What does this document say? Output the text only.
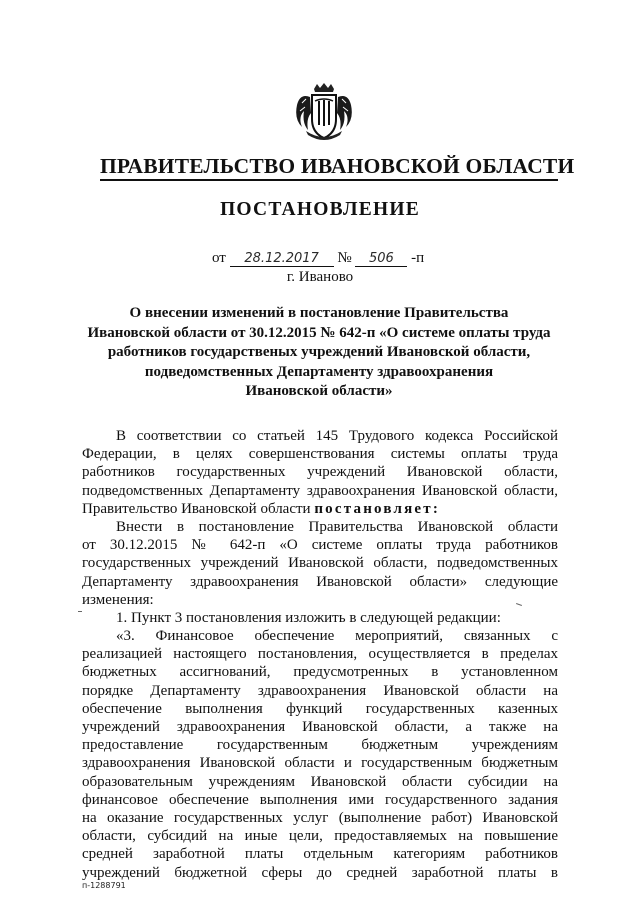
ПРАВИТЕЛЬСТВО ИВАНОВСКОЙ ОБЛАСТИ
ПОСТАНОВЛЕНИЕ
от 28.12.2017 № 506 -п
г. Иваново
О внесении изменений в постановление Правительства
Ивановской области от 30.12.2015 № 642-п «О системе оплаты труда
работников государственых учреждений Ивановской области,
подведомственных Департаменту здравоохранения
Ивановской области»
В соответствии со статьей 145 Трудового кодекса Российской
Федерации, в целях совершенствования системы оплаты труда
работников государственных учреждений Ивановской области,
подведомственных Департаменту здравоохранения Ивановской области,
Правительство Ивановской области постановляет:
Внести в постановление Правительства Ивановской области
от 30.12.2015 № 642-п «О системе оплаты труда работников
государственных учреждений Ивановской области, подведомственных
Департаменту здравоохранения Ивановской области» следующие
изменения:
1. Пункт 3 постановления изложить в следующей редакции:
«3. Финансовое обеспечение мероприятий, связанных с
реализацией настоящего постановления, осуществляется в пределах
бюджетных ассигнований, предусмотренных в установленном
порядке Департаменту здравоохранения Ивановской области на
обеспечение выполнения функций государственных казенных
учреждений здравоохранения Ивановской области, а также на
предоставление государственным бюджетным учреждениям
здравоохранения Ивановской области и государственным бюджетным
образовательным учреждениям Ивановской области субсидии на
финансовое обеспечение выполнения ими государственного задания
на оказание государственных услуг (выполнение работ) Ивановской
области, субсидий на иные цели, предоставляемых на повышение
средней заработной платы отдельным категориям работников
учреждений бюджетной сферы до средней заработной платы в
п-1288791
